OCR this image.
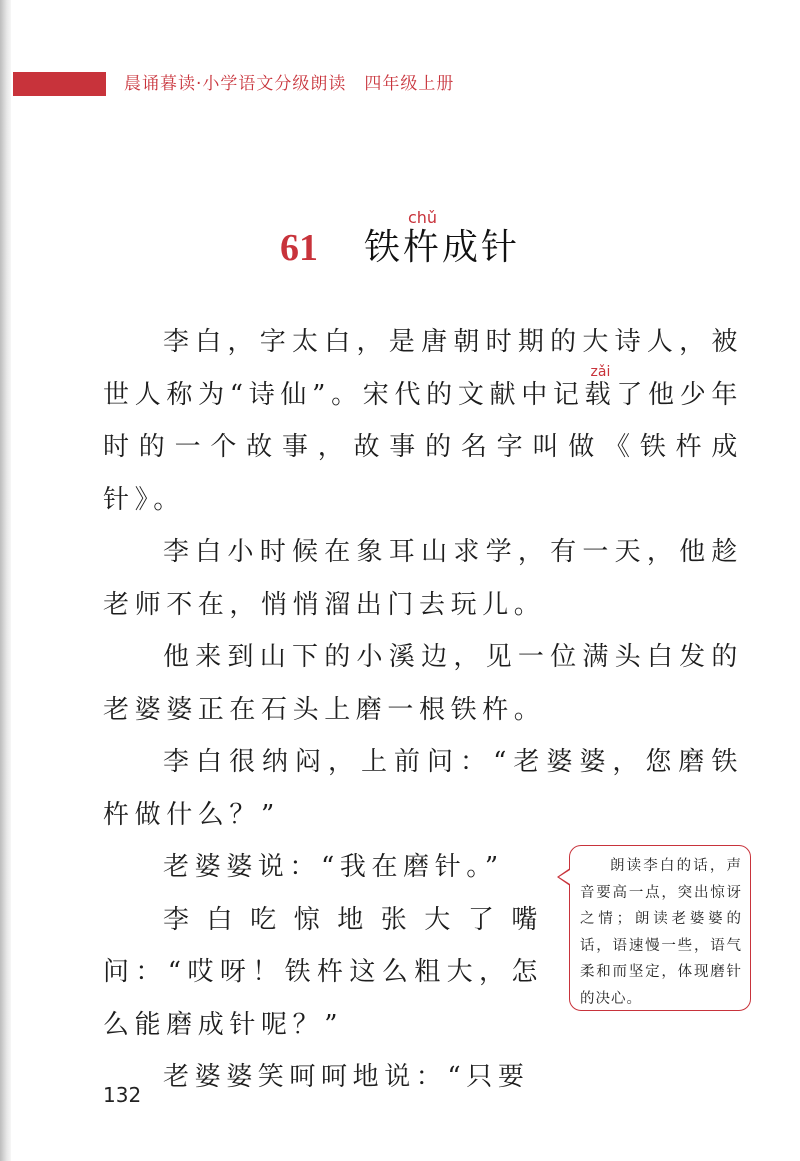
晨诵暮读·小学语文分级朗读 四年级上册
61 铁杵chǔ成针

李白，字太白，是唐朝时期的大诗人，被世人称为“诗仙”。宋代的文献中记载zǎi了他少年时的一个故事，故事的名字叫做《铁杵成针》。

李白小时候在象耳山求学，有一天，他趁老师不在，悄悄溜出门去玩儿。

他来到山下的小溪边，见一位满头白发的老婆婆正在石头上磨一根铁杵。

李白很纳闷，上前问：“老婆婆，您磨铁杵做什么？”

老婆婆说：“我在磨针。”

李白吃惊地张大了嘴问：“哎呀！铁杵这么粗大，怎么能磨成针呢？”

老婆婆笑呵呵地说：“只要

朗读李白的话，声音要高一点，突出惊讶之情；朗读老婆婆的话，语速慢一些，语气柔和而坚定，体现磨针的决心。
132
